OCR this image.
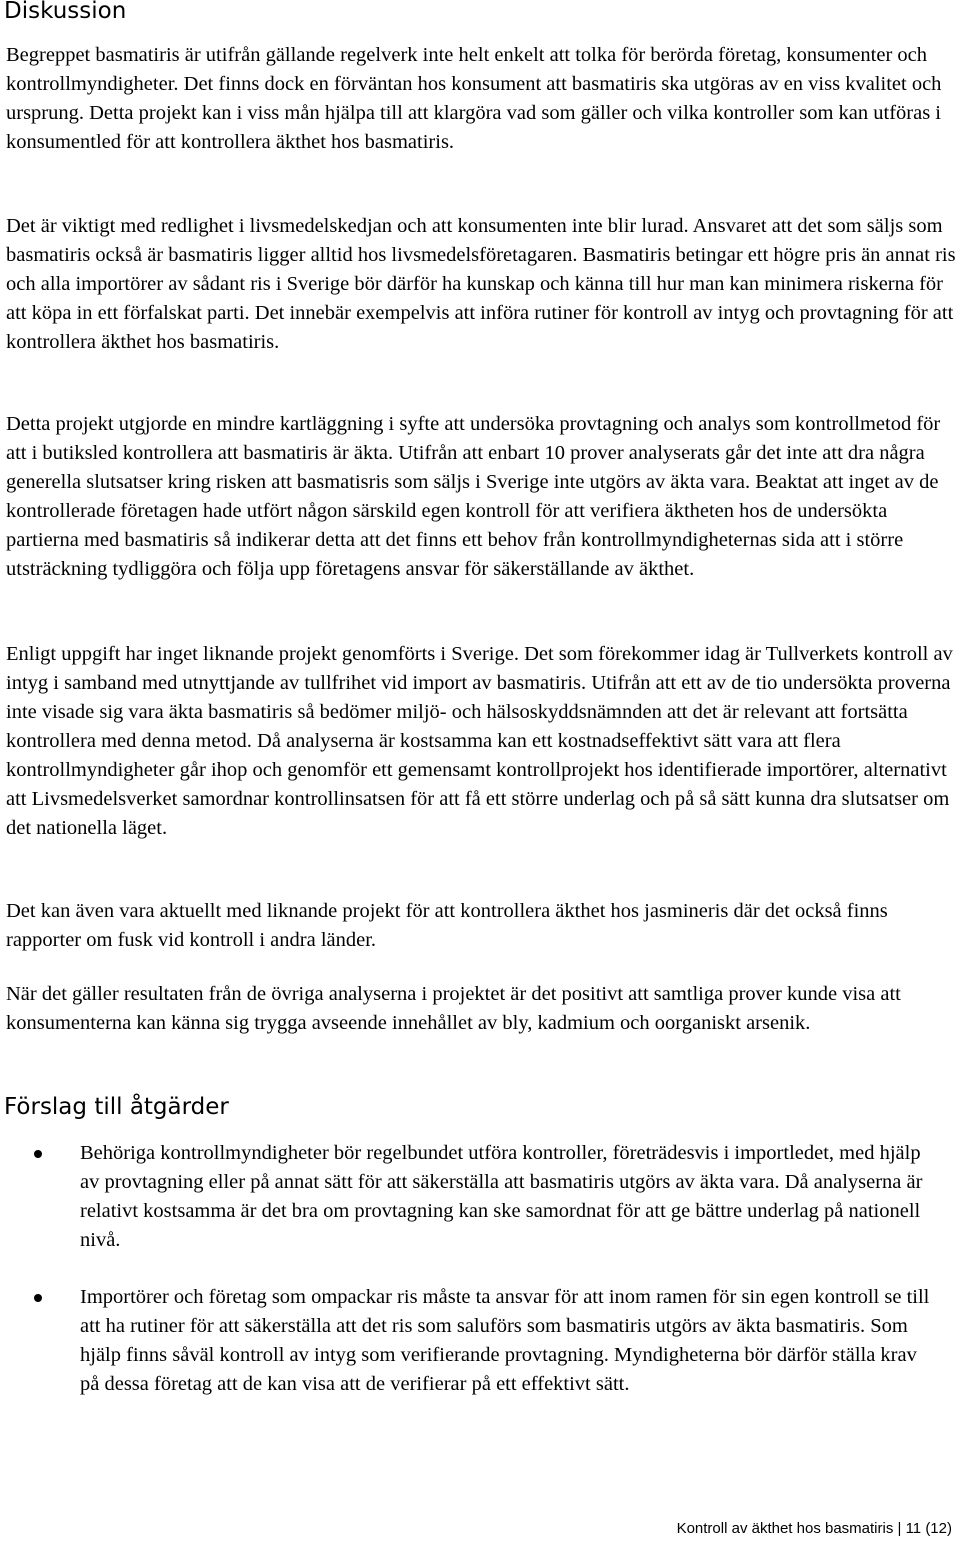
Diskussion

Begreppet basmatiris är utifrån gällande regelverk inte helt enkelt att tolka för berörda företag, konsumenter och kontrollmyndigheter. Det finns dock en förväntan hos konsument att basmatiris ska utgöras av en viss kvalitet och ursprung. Detta projekt kan i viss mån hjälpa till att klargöra vad som gäller och vilka kontroller som kan utföras i konsumentled för att kontrollera äkthet hos basmatiris.

Det är viktigt med redlighet i livsmedelskedjan och att konsumenten inte blir lurad. Ansvaret att det som säljs som basmatiris också är basmatiris ligger alltid hos livsmedelsföretagaren. Basmatiris betingar ett högre pris än annat ris och alla importörer av sådant ris i Sverige bör därför ha kunskap och känna till hur man kan minimera riskerna för att köpa in ett förfalskat parti. Det innebär exempelvis att införa rutiner för kontroll av intyg och provtagning för att kontrollera äkthet hos basmatiris.

Detta projekt utgjorde en mindre kartläggning i syfte att undersöka provtagning och analys som kontrollmetod för att i butiksled kontrollera att basmatiris är äkta. Utifrån att enbart 10 prover analyserats går det inte att dra några generella slutsatser kring risken att basmatisris som säljs i Sverige inte utgörs av äkta vara. Beaktat att inget av de kontrollerade företagen hade utfört någon särskild egen kontroll för att verifiera äktheten hos de undersökta partierna med basmatiris så indikerar detta att det finns ett behov från kontrollmyndigheternas sida att i större utsträckning tydliggöra och följa upp företagens ansvar för säkerställande av äkthet.

Enligt uppgift har inget liknande projekt genomförts i Sverige. Det som förekommer idag är Tullverkets kontroll av intyg i samband med utnyttjande av tullfrihet vid import av basmatiris. Utifrån att ett av de tio undersökta proverna inte visade sig vara äkta basmatiris så bedömer miljö- och hälsoskyddsnämnden att det är relevant att fortsätta kontrollera med denna metod. Då analyserna är kostsamma kan ett kostnadseffektivt sätt vara att flera kontrollmyndigheter går ihop och genomför ett gemensamt kontrollprojekt hos identifierade importörer, alternativt att Livsmedelsverket samordnar kontrollinsatsen för att få ett större underlag och på så sätt kunna dra slutsatser om det nationella läget.

Det kan även vara aktuellt med liknande projekt för att kontrollera äkthet hos jasmineris där det också finns rapporter om fusk vid kontroll i andra länder.

När det gäller resultaten från de övriga analyserna i projektet är det positivt att samtliga prover kunde visa att konsumenterna kan känna sig trygga avseende innehållet av bly, kadmium och oorganiskt arsenik.

Förslag till åtgärder

Behöriga kontrollmyndigheter bör regelbundet utföra kontroller, företrädesvis i importledet, med hjälp av provtagning eller på annat sätt för att säkerställa att basmatiris utgörs av äkta vara. Då analyserna är relativt kostsamma är det bra om provtagning kan ske samordnat för att ge bättre underlag på nationell nivå.

Importörer och företag som ompackar ris måste ta ansvar för att inom ramen för sin egen kontroll se till att ha rutiner för att säkerställa att det ris som saluförs som basmatiris utgörs av äkta basmatiris. Som hjälp finns såväl kontroll av intyg som verifierande provtagning. Myndigheterna bör därför ställa krav på dessa företag att de kan visa att de verifierar på ett effektivt sätt.

Kontroll av äkthet hos basmatiris | 11 (12)
